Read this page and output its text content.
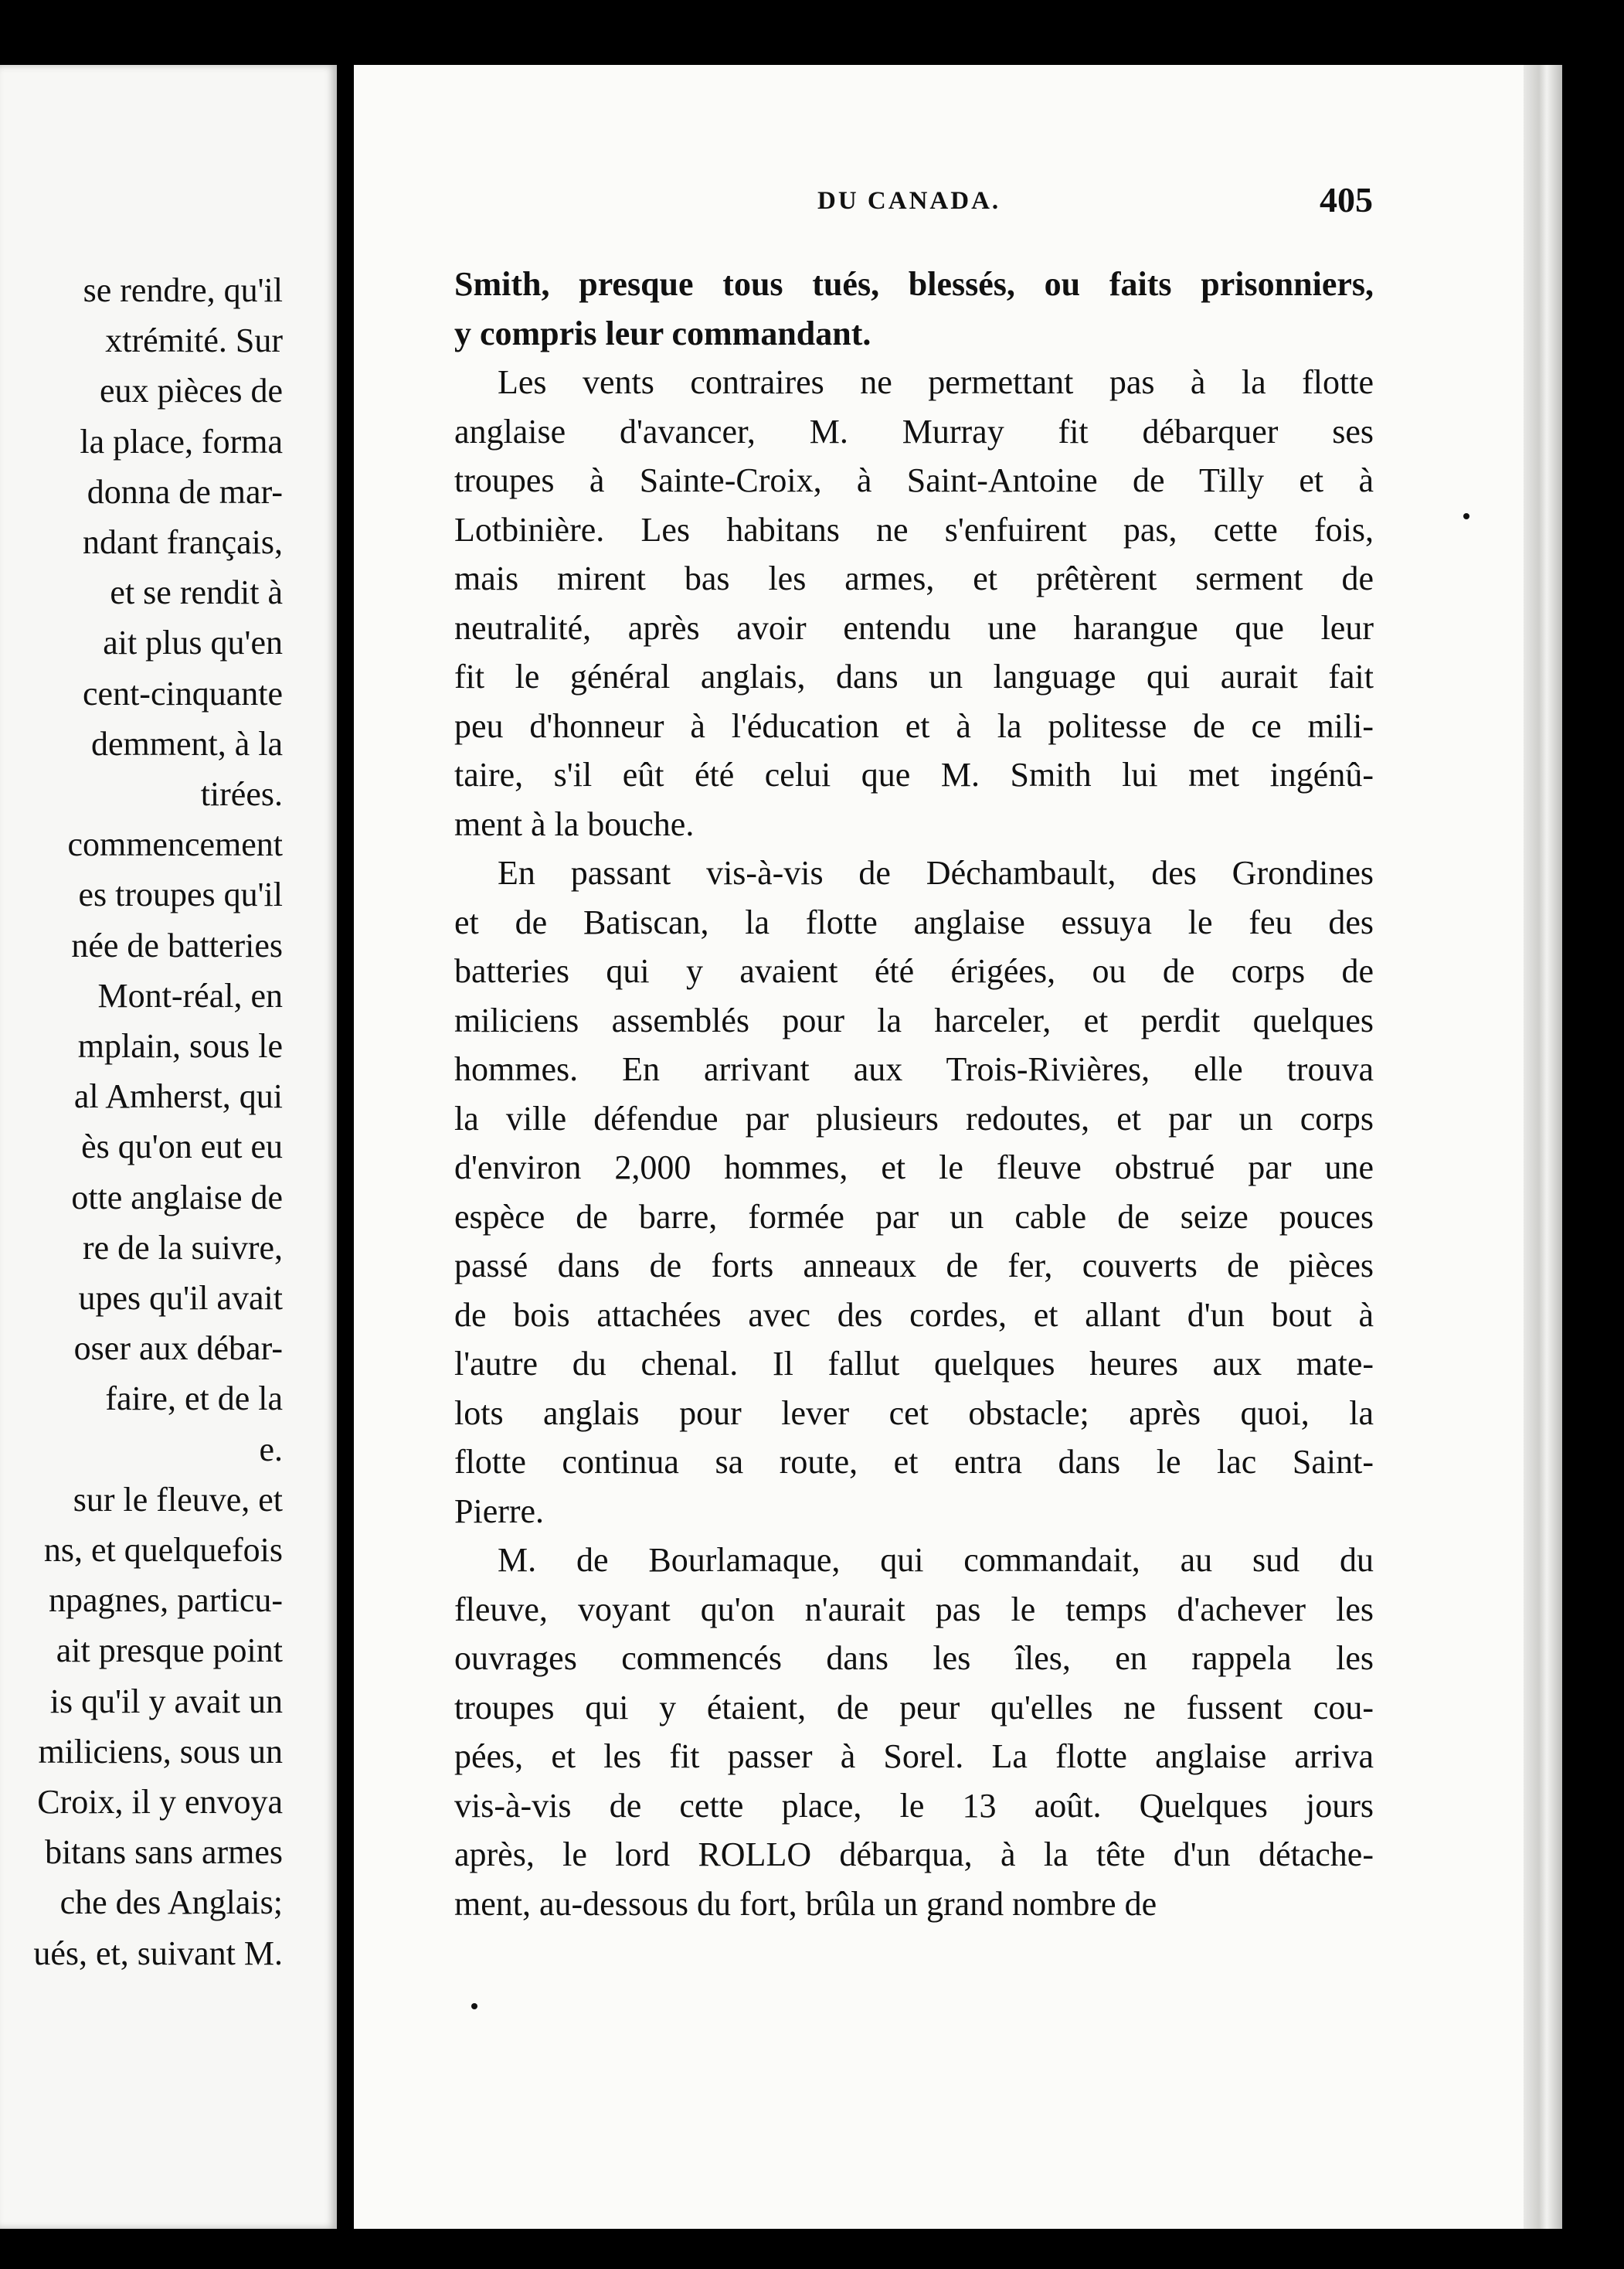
se rendre, qu'il
xtrémité. Sur
eux pièces de
la place, forma
donna de mar-
ndant français,
et se rendit à
ait plus qu'en
cent-cinquante
demment, à la
tirées.
commencement
es troupes qu'il
née de batteries
Mont-réal, en
mplain, sous le
al Amherst, qui
ès qu'on eut eu
otte anglaise de
re de la suivre,
upes qu'il avait
oser aux débar-
faire, et de la
e.
sur le fleuve, et
ns, et quelquefois
npagnes, particu-
ait presque point
is qu'il y avait un
miliciens, sous un
Croix, il y envoya
bitans sans armes
che des Anglais;
ués, et, suivant M.
DU CANADA.	405
Smith, presque tous tués, blessés, ou faits prisonniers,
y compris leur commandant.
Les vents contraires ne permettant pas à la flotte
anglaise d'avancer, M. Murray fit débarquer ses
troupes à Sainte-Croix, à Saint-Antoine de Tilly et à
Lotbinière. Les habitans ne s'enfuirent pas, cette fois,
mais mirent bas les armes, et prêtèrent serment de
neutralité, après avoir entendu une harangue que leur
fit le général anglais, dans un language qui aurait fait
peu d'honneur à l'éducation et à la politesse de ce mili-
taire, s'il eût été celui que M. Smith lui met ingénû-
ment à la bouche.
En passant vis-à-vis de Déchambault, des Grondines
et de Batiscan, la flotte anglaise essuya le feu des
batteries qui y avaient été érigées, ou de corps de
miliciens assemblés pour la harceler, et perdit quelques
hommes. En arrivant aux Trois-Rivières, elle trouva
la ville défendue par plusieurs redoutes, et par un corps
d'environ 2,000 hommes, et le fleuve obstrué par une
espèce de barre, formée par un cable de seize pouces
passé dans de forts anneaux de fer, couverts de pièces
de bois attachées avec des cordes, et allant d'un bout à
l'autre du chenal. Il fallut quelques heures aux mate-
lots anglais pour lever cet obstacle; après quoi, la
flotte continua sa route, et entra dans le lac Saint-
Pierre.
M. de Bourlamaque, qui commandait, au sud du
fleuve, voyant qu'on n'aurait pas le temps d'achever les
ouvrages commencés dans les îles, en rappela les
troupes qui y étaient, de peur qu'elles ne fussent cou-
pées, et les fit passer à Sorel. La flotte anglaise arriva
vis-à-vis de cette place, le 13 août. Quelques jours
après, le lord ROLLO débarqua, à la tête d'un détache-
ment, au-dessous du fort, brûla un grand nombre de
